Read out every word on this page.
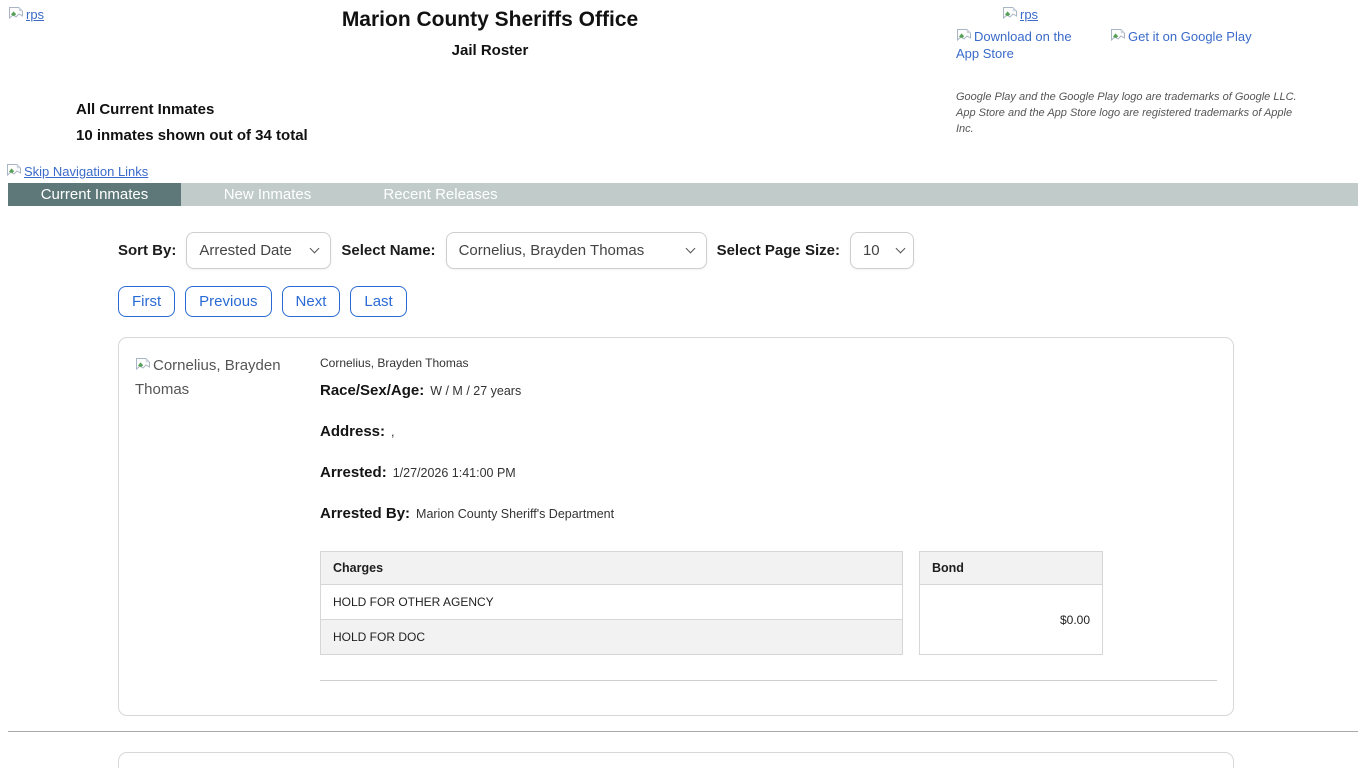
rps	Marion County Sheriffs Office
Jail Roster
rps
Download on the App Store
Get it on Google Play
Google Play and the Google Play logo are trademarks of Google LLC.
App Store and the App Store logo are registered trademarks of Apple Inc.
All Current Inmates
10 inmates shown out of 34 total
Skip Navigation Links
Current Inmates	New Inmates	Recent Releases
Sort By:
Arrested Date	Select Name:
Cornelius, Brayden Thomas	Select Page Size:
10
First	Previous	Next	Last
Cornelius, Brayden Thomas
Cornelius, Brayden Thomas
Race/Sex/Age: W / M / 27 years
Address: ,
Arrested: 1/27/2026 1:41:00 PM
Arrested By: Marion County Sheriff's Department
Charges
HOLD FOR OTHER AGENCY
HOLD FOR DOC
Bond
$0.00
